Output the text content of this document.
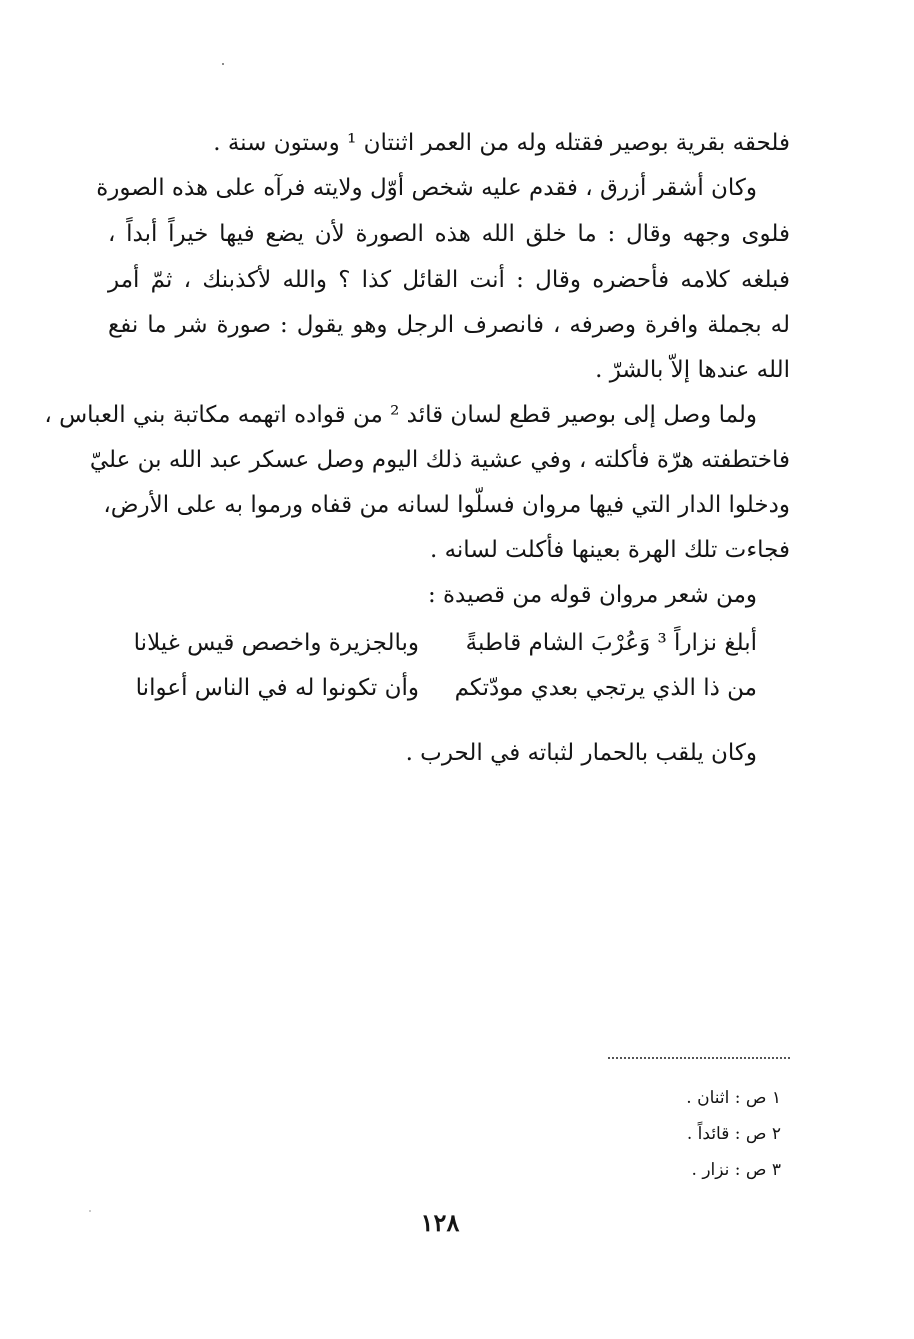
فلحقه بقرية بوصير فقتله وله من العمر اثنتان ¹ وستون سنة .
وكان أشقر أزرق ، فقدم عليه شخص أوّل ولايته فرآه على هذه الصورة
فلوى وجهه وقال : ما خلق الله هذه الصورة لأن يضع فيها خيراً أبداً ،
فبلغه كلامه فأحضره وقال : أنت القائل كذا ؟ والله لأكذبنك ، ثمّ أمر
له بجملة وافرة وصرفه ، فانصرف الرجل وهو يقول : صورة شر ما نفع
الله عندها إلاّ بالشرّ .
ولما وصل إلى بوصير قطع لسان قائد ² من قواده اتهمه مكاتبة بني العباس ،
فاختطفته هرّة فأكلته ، وفي عشية ذلك اليوم وصل عسكر عبد الله بن عليّ
ودخلوا الدار التي فيها مروان فسلّوا لسانه من قفاه ورموا به على الأرض،
فجاءت تلك الهرة بعينها فأكلت لسانه .
ومن شعر مروان قوله من قصيدة :
أبلغ نزاراً ³ وَعُرْبَ الشام قاطبةً
وبالجزيرة واخصص قيس غيلانا
من ذا الذي يرتجي بعدي مودّتكم
وأن تكونوا له في الناس أعوانا
وكان يلقب بالحمار لثباته في الحرب .
١ ص : اثنان .
٢ ص : قائداً .
٣ ص : نزار .
١٢٨
